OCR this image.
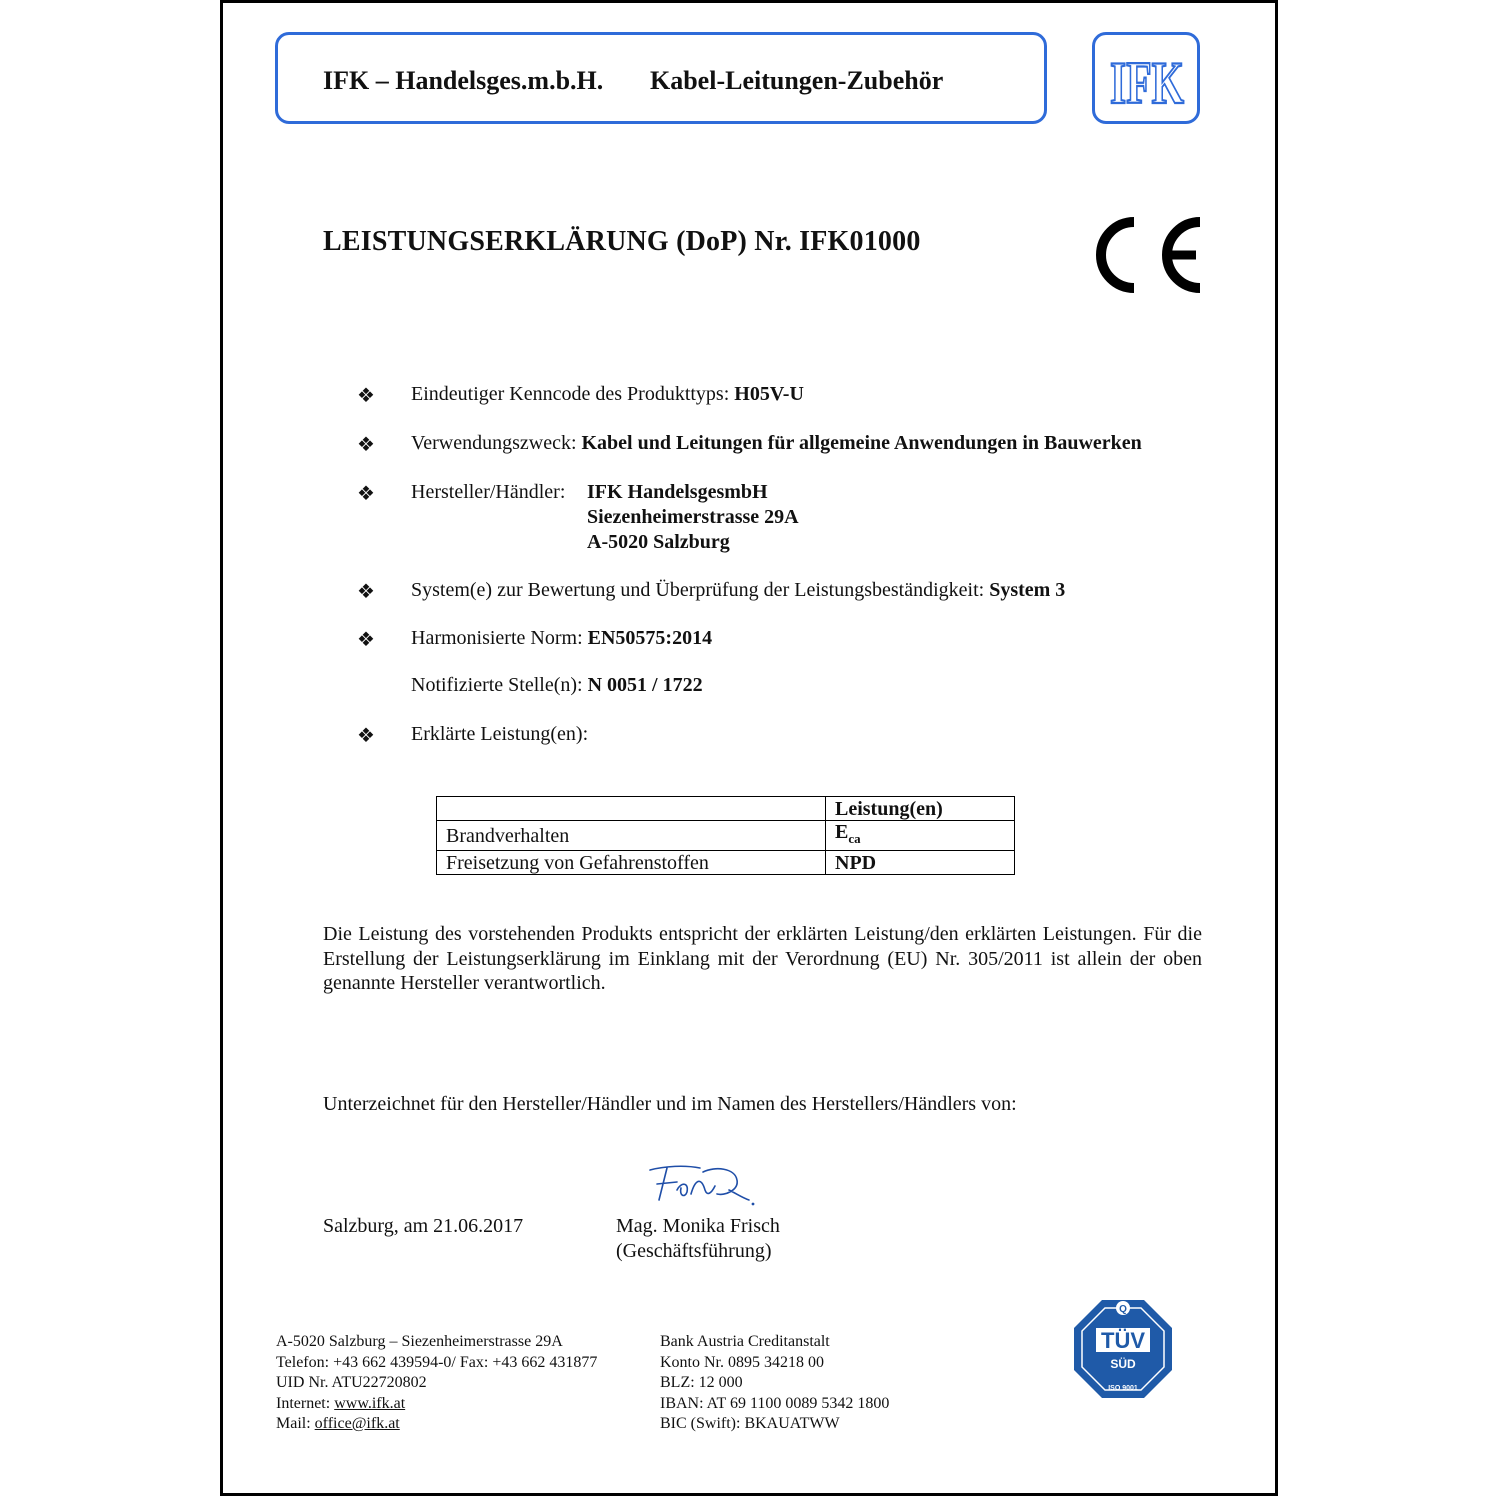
IFK – Handelsges.m.b.H. Kabel-Leitungen-Zubehör	IFK
LEISTUNGSERKLÄRUNG (DoP) Nr. IFK01000
❖ Eindeutiger Kenncode des Produkttyps: H05V-U
❖ Verwendungszweck: Kabel und Leitungen für allgemeine Anwendungen in Bauwerken
❖ Hersteller/Händler: IFK HandelsgesmbH
Siezenheimerstrasse 29A
A-5020 Salzburg
❖ System(e) zur Bewertung und Überprüfung der Leistungsbeständigkeit: System 3
❖ Harmonisierte Norm: EN50575:2014
Notifizierte Stelle(n): N 0051 / 1722
❖ Erklärte Leistung(en):
	Leistung(en)
Brandverhalten	$E_{ca}$
Freisetzung von Gefahrenstoffen	NPD
Die Leistung des vorstehenden Produkts entspricht der erklärten Leistung/den erklärten Leistungen. Für die Erstellung der Leistungserklärung im Einklang mit der Verordnung (EU) Nr. 305/2011 ist allein der oben genannte Hersteller verantwortlich.
Unterzeichnet für den Hersteller/Händler und im Namen des Herstellers/Händlers von:
Salzburg, am 21.06.2017	Mag. Monika Frisch
(Geschäftsführung)
A-5020 Salzburg – Siezenheimerstrasse 29A
Telefon: +43 662 439594-0/ Fax: +43 662 431877
UID Nr. ATU22720802
Internet: www.ifk.at
Mail: office@ifk.at
Bank Austria Creditanstalt
Konto Nr. 0895 34218 00
BLZ: 12 000
IBAN: AT 69 1100 0089 5342 1800
BIC (Swift): BKAUATWW
Q
TÜV
SÜD
ISO 9001
